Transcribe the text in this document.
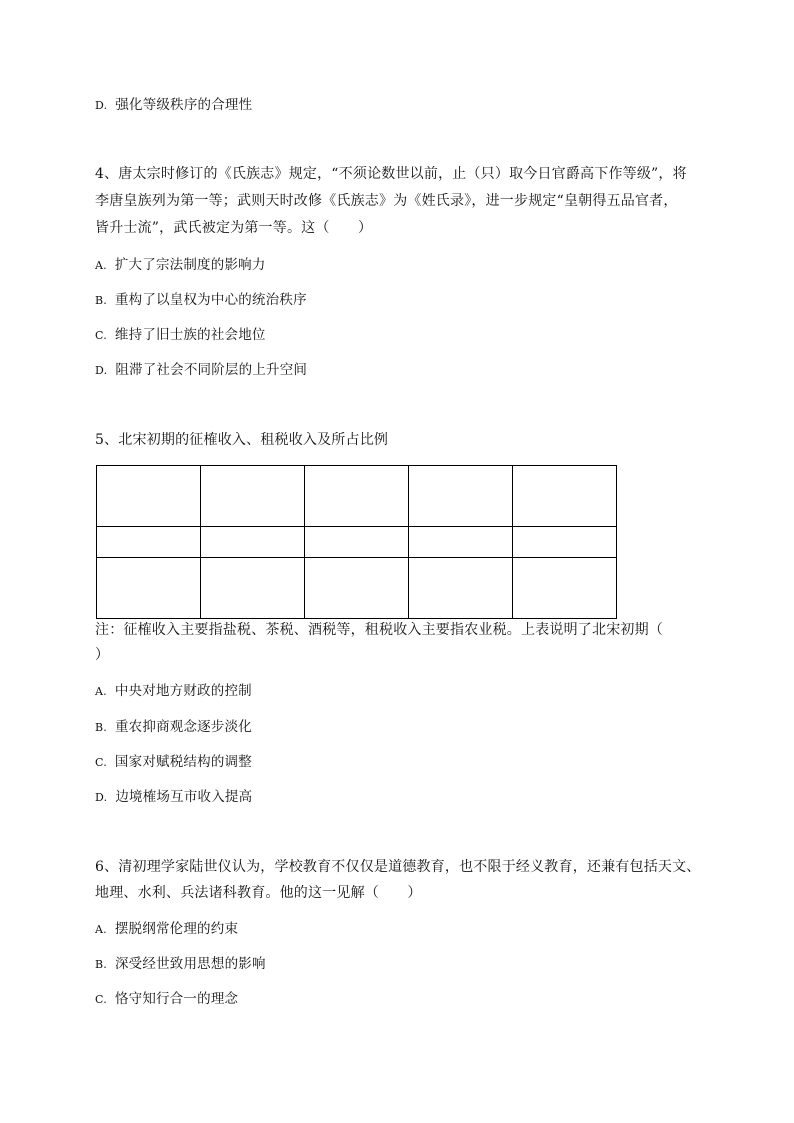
D. 强化等级秩序的合理性
4、唐太宗时修订的《氏族志》规定，“不须论数世以前，止（只）取今日官爵高下作等级”，将
李唐皇族列为第一等；武则天时改修《氏族志》为《姓氏录》，进一步规定“皇朝得五品官者，
皆升士流”，武氏被定为第一等。这（　　）
A. 扩大了宗法制度的影响力
B. 重构了以皇权为中心的统治秩序
C. 维持了旧士族的社会地位
D. 阻滞了社会不同阶层的上升空间
5、北宋初期的征榷收入、租税收入及所占比例

注：征榷收入主要指盐税、茶税、酒税等，租税收入主要指农业税。上表说明了北宋初期（
）
A. 中央对地方财政的控制
B. 重农抑商观念逐步淡化
C. 国家对赋税结构的调整
D. 边境榷场互市收入提高
6、清初理学家陆世仪认为，学校教育不仅仅是道德教育，也不限于经义教育，还兼有包括天文、
地理、水利、兵法诸科教育。他的这一见解（　　）
A. 摆脱纲常伦理的约束
B. 深受经世致用思想的影响
C. 恪守知行合一的理念
